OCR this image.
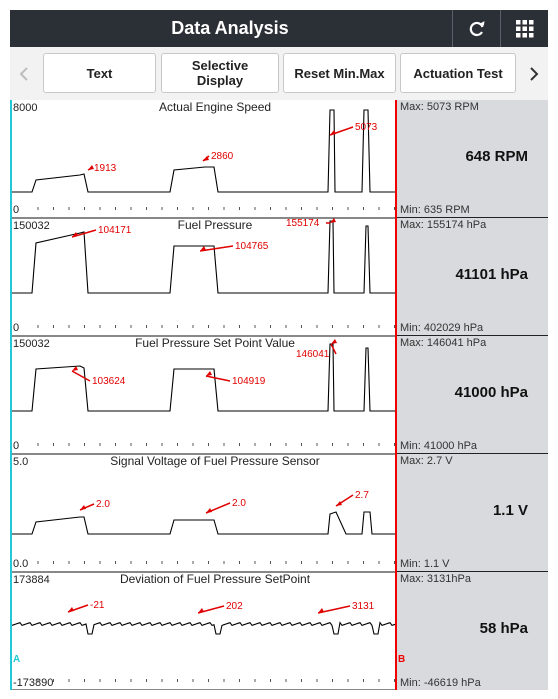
Data Analysis
Text	Selective Display	Reset Min.Max	Actuation Test
8000	Actual Engine Speed
0
1913
2860
5073
150032	Fuel Pressure
0
104171
104765
155174
150032	Fuel Pressure Set Point Value
0
103624	104919
146041
5.0	Signal Voltage of Fuel Pressure Sensor
0.0
2.0	2.0
2.7
173884	Deviation of Fuel Pressure SetPoint
-173890
-21	202	3131
Max: 5073 RPM
648 RPM
Min: 635 RPM
Max: 155174 hPa
41101 hPa
Min: 402029 hPa
Max: 146041 hPa
41000 hPa
Min: 41000 hPa
Max: 2.7 V
1.1 V
Min: 1.1 V
Max: 3131hPa
58 hPa
Min: -46619 hPa
A	B
